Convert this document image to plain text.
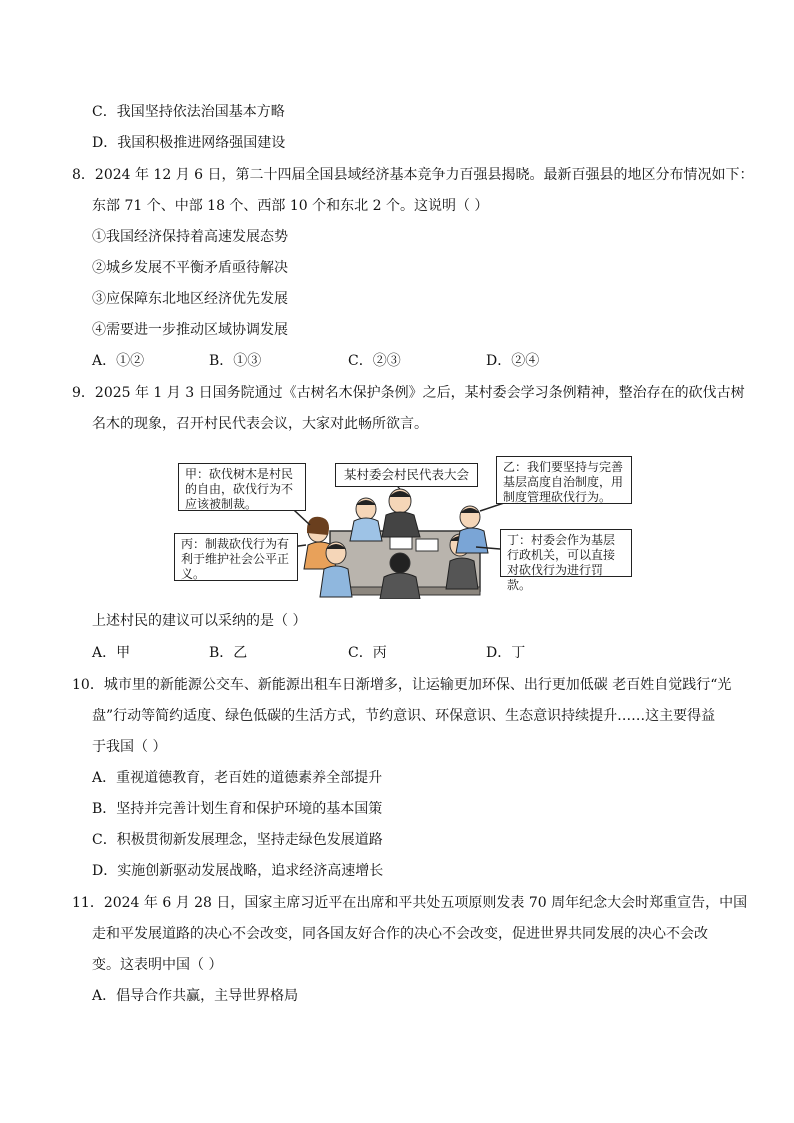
C．我国坚持依法治国基本方略
D．我国积极推进网络强国建设
8．2024 年 12 月 6 日，第二十四届全国县域经济基本竞争力百强县揭晓。最新百强县的地区分布情况如下：
东部 71 个、中部 18 个、西部 10 个和东北 2 个。这说明（ ）
①我国经济保持着高速发展态势
②城乡发展不平衡矛盾亟待解决
③应保障东北地区经济优先发展
④需要进一步推动区域协调发展
A．①②	B．①③	C．②③	D．②④
9．2025 年 1 月 3 日国务院通过《古树名木保护条例》之后，某村委会学习条例精神，整治存在的砍伐古树
名木的现象，召开村民代表会议，大家对此畅所欲言。
甲：砍伐树木是村民的自由，砍伐行为不应该被制裁。
某村委会村民代表大会	乙：我们要坚持与完善基层高度自治制度，用制度管理砍伐行为。
丙：制裁砍伐行为有利于维护社会公平正义。
丁：村委会作为基层行政机关，可以直接对砍伐行为进行罚款。
上述村民的建议可以采纳的是（ ）
A．甲	B．乙	C．丙	D．丁
10．城市里的新能源公交车、新能源出租车日渐增多，让运输更加环保、出行更加低碳 老百姓自觉践行“光
盘”行动等简约适度、绿色低碳的生活方式，节约意识、环保意识、生态意识持续提升……这主要得益
于我国（ ）
A．重视道德教育，老百姓的道德素养全部提升
B．坚持并完善计划生育和保护环境的基本国策
C．积极贯彻新发展理念，坚持走绿色发展道路
D．实施创新驱动发展战略，追求经济高速增长
11．2024 年 6 月 28 日，国家主席习近平在出席和平共处五项原则发表 70 周年纪念大会时郑重宣告，中国
走和平发展道路的决心不会改变，同各国友好合作的决心不会改变，促进世界共同发展的决心不会改
变。这表明中国（ ）
A．倡导合作共赢，主导世界格局
